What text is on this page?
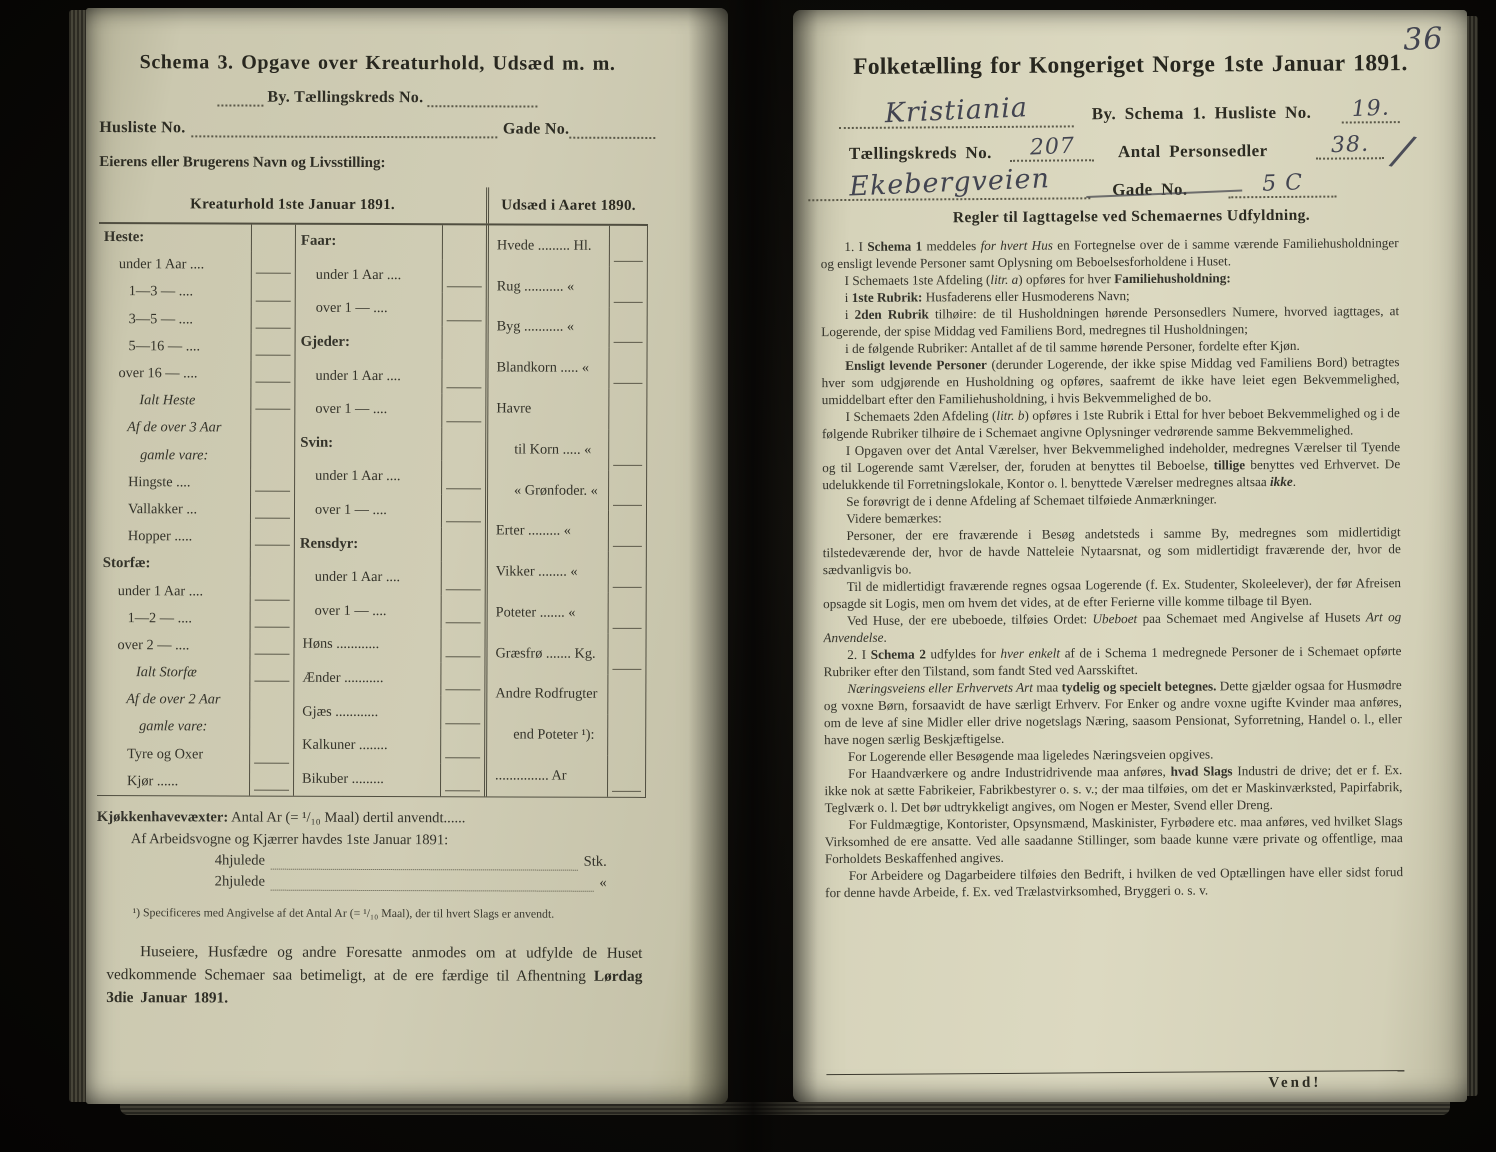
Schema 3. Opgave over Kreaturhold, Udsæd m. m.
By. Tællingskreds No.
Husliste No.	Gade No.
Eierens eller Brugerens Navn og Livsstilling:
Kreaturhold 1ste Januar 1891.	Udsæd i Aaret 1890.
Heste:
under 1 Aar ....
1—3 — ....
3—5 — ....
5—16 — ....
over 16 — ....
Ialt Heste
Af de over 3 Aar
gamle vare:
Hingste ....
Vallakker ...
Hopper .....
Storfæ:
under 1 Aar ....
1—2 — ....
over 2 — ....
Ialt Storfæ
Af de over 2 Aar
gamle vare:
Tyre og Oxer
Kjør ......
Faar:
under 1 Aar ....
over 1 — ....
Gjeder:
under 1 Aar ....
over 1 — ....
Svin:
under 1 Aar ....
over 1 — ....
Rensdyr:
under 1 Aar ....
over 1 — ....
Høns ............
Ænder ...........
Gjæs ............
Kalkuner ........
Bikuber .........
Hvede ......... Hl.
Rug ........... «
Byg ........... «
Blandkorn ..... «
Havre
til Korn ..... «
« Grønfoder. «
Erter ......... «
Vikker ........ «
Poteter ....... «
Græsfrø ....... Kg.
Andre Rodfrugter
end Poteter ¹):
............... Ar
Kjøkkenhavevæxter: Antal Ar (= ¹/₁₀ Maal) dertil anvendt......
Af Arbeidsvogne og Kjærrer havdes 1ste Januar 1891:
4hjulede	Stk.
2hjulede	«
¹) Specificeres med Angivelse af det Antal Ar (= ¹/₁₀ Maal), der til hvert Slags er anvendt.
Huseiere, Husfædre og andre Foresatte anmodes om at udfylde de Huset vedkommende Schemaer saa betimeligt, at de ere færdige til Afhentning Lørdag 3die Januar 1891.
36
Folketælling for Kongeriget Norge 1ste Januar 1891.
Kristiania	By. Schema 1. Husliste No.	19.
Tællingskreds No.	207	Antal Personsedler	38.
Ekebergveien	Gade No.	5 C
∕
Regler til Iagttagelse ved Schemaernes Udfyldning.

1. I Schema 1 meddeles for hvert Hus en Fortegnelse over de i samme værende Familiehusholdninger og ensligt levende Personer samt Oplysning om Beboelsesforholdene i Huset.

I Schemaets 1ste Afdeling (litr. a) opføres for hver Familiehusholdning:

i 1ste Rubrik: Husfaderens eller Husmoderens Navn;

i 2den Rubrik tilhøire: de til Husholdningen hørende Personsedlers Numere, hvorved iagttages, at Logerende, der spise Middag ved Familiens Bord, medregnes til Husholdningen;

i de følgende Rubriker: Antallet af de til samme hørende Personer, fordelte efter Kjøn.

Ensligt levende Personer (derunder Logerende, der ikke spise Middag ved Familiens Bord) betragtes hver som udgjørende en Husholdning og opføres, saafremt de ikke have leiet egen Bekvemmelighed, umiddelbart efter den Familiehusholdning, i hvis Bekvemmelighed de bo.

I Schemaets 2den Afdeling (litr. b) opføres i 1ste Rubrik i Ettal for hver beboet Bekvemmelighed og i de følgende Rubriker tilhøire de i Schemaet angivne Oplysninger vedrørende samme Bekvemmelighed.

I Opgaven over det Antal Værelser, hver Bekvemmelighed indeholder, medregnes Værelser til Tyende og til Logerende samt Værelser, der, foruden at benyttes til Beboelse, tillige benyttes ved Erhvervet. De udelukkende til Forretningslokale, Kontor o. l. benyttede Værelser medregnes altsaa ikke.

Se forøvrigt de i denne Afdeling af Schemaet tilføiede Anmærkninger.

Videre bemærkes:

Personer, der ere fraværende i Besøg andetsteds i samme By, medregnes som midlertidigt tilstedeværende der, hvor de havde Natteleie Nytaarsnat, og som midlertidigt fraværende der, hvor de sædvanligvis bo.

Til de midlertidigt fraværende regnes ogsaa Logerende (f. Ex. Studenter, Skoleelever), der før Afreisen opsagde sit Logis, men om hvem det vides, at de efter Ferierne ville komme tilbage til Byen.

Ved Huse, der ere ubeboede, tilføies Ordet: Ubeboet paa Schemaet med Angivelse af Husets Art og Anvendelse.

2. I Schema 2 udfyldes for hver enkelt af de i Schema 1 medregnede Personer de i Schemaet opførte Rubriker efter den Tilstand, som fandt Sted ved Aarsskiftet.

Næringsveiens eller Erhvervets Art maa tydelig og specielt betegnes. Dette gjælder ogsaa for Husmødre og voxne Børn, forsaavidt de have særligt Erhverv. For Enker og andre voxne ugifte Kvinder maa anføres, om de leve af sine Midler eller drive nogetslags Næring, saasom Pensionat, Syforretning, Handel o. l., eller have nogen særlig Beskjæftigelse.

For Logerende eller Besøgende maa ligeledes Næringsveien opgives.

For Haandværkere og andre Industridrivende maa anføres, hvad Slags Industri de drive; det er f. Ex. ikke nok at sætte Fabrikeier, Fabrikbestyrer o. s. v.; der maa tilføies, om det er Maskinværksted, Papirfabrik, Teglværk o. l. Det bør udtrykkeligt angives, om Nogen er Mester, Svend eller Dreng.

For Fuldmægtige, Kontorister, Opsynsmænd, Maskinister, Fyrbødere etc. maa anføres, ved hvilket Slags Virksomhed de ere ansatte. Ved alle saadanne Stillinger, som baade kunne være private og offentlige, maa Forholdets Beskaffenhed angives.

For Arbeidere og Dagarbeidere tilføies den Bedrift, i hvilken de ved Optællingen have eller sidst forud for denne havde Arbeide, f. Ex. ved Trælastvirksomhed, Bryggeri o. s. v.

Vend!
